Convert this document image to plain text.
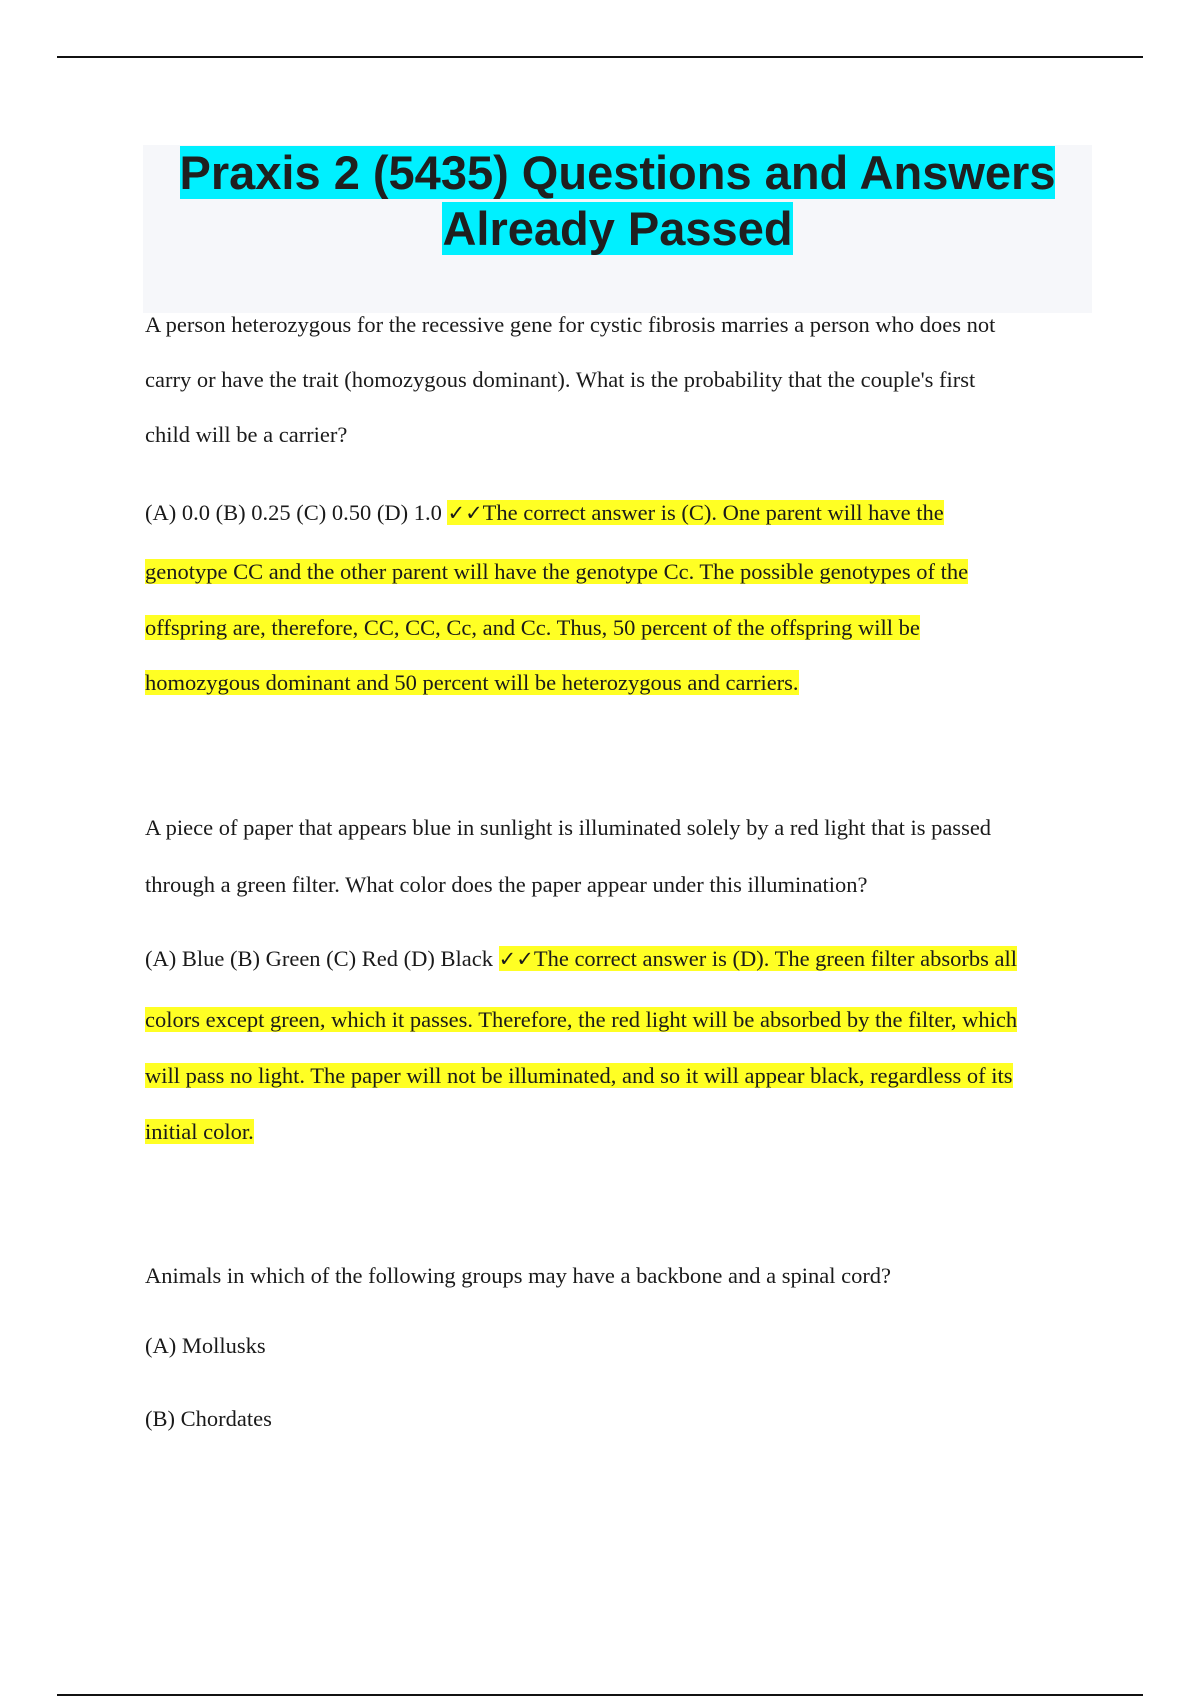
Praxis 2 (5435) Questions and Answers
Already Passed
A person heterozygous for the recessive gene for cystic fibrosis marries a person who does not
carry or have the trait (homozygous dominant). What is the probability that the couple's first
child will be a carrier?
(A) 0.0 (B) 0.25 (C) 0.50 (D) 1.0 ✓✓The correct answer is (C). One parent will have the
genotype CC and the other parent will have the genotype Cc. The possible genotypes of the
offspring are, therefore, CC, CC, Cc, and Cc. Thus, 50 percent of the offspring will be
homozygous dominant and 50 percent will be heterozygous and carriers.
A piece of paper that appears blue in sunlight is illuminated solely by a red light that is passed
through a green filter. What color does the paper appear under this illumination?
(A) Blue (B) Green (C) Red (D) Black ✓✓The correct answer is (D). The green filter absorbs all
colors except green, which it passes. Therefore, the red light will be absorbed by the filter, which
will pass no light. The paper will not be illuminated, and so it will appear black, regardless of its
initial color.
Animals in which of the following groups may have a backbone and a spinal cord?
(A) Mollusks
(B) Chordates
